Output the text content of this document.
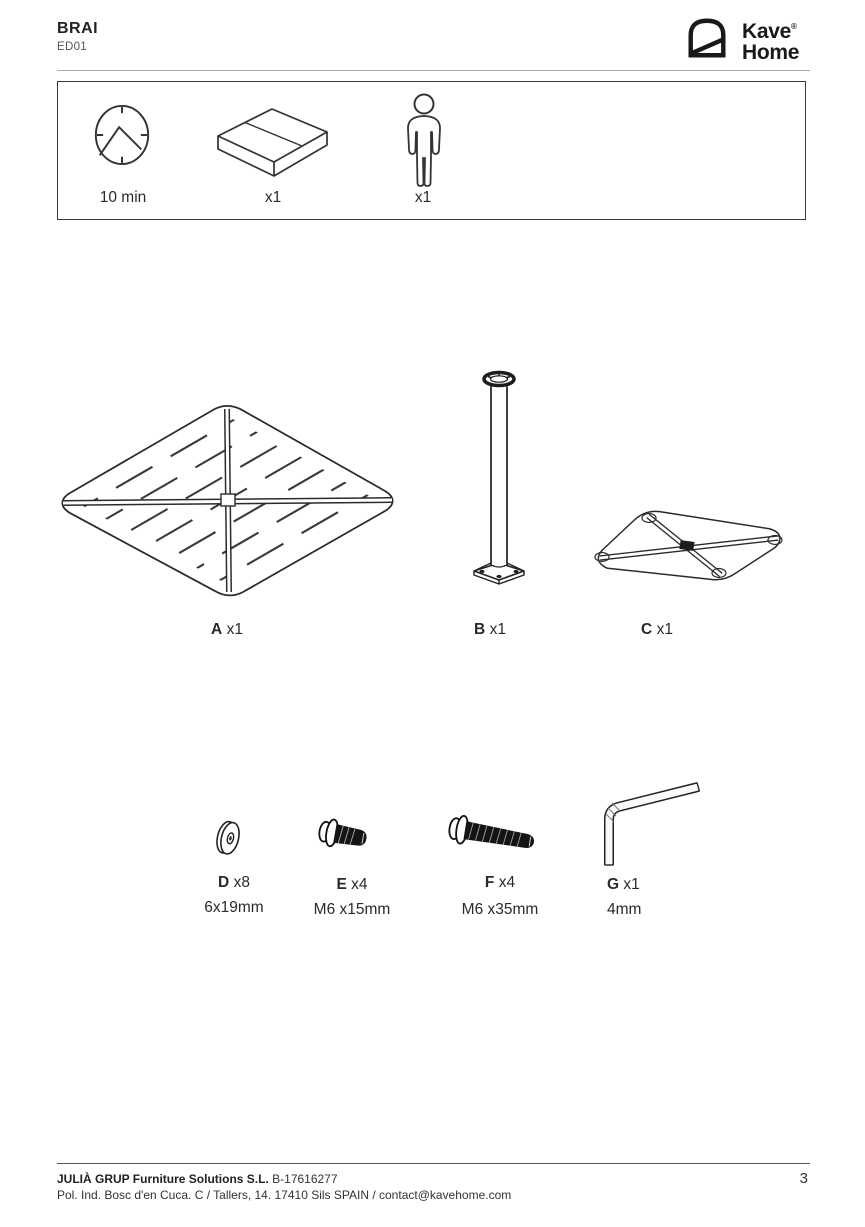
BRAI
ED01
Kave®
Home
10 min	x1	x1
A x1	B x1	C x1
D x8
6x19mm
E x4
M6 x15mm
F x4
M6 x35mm
G x1
4mm
JULIÀ GRUP Furniture Solutions S.L. B-17616277
Pol. Ind. Bosc d'en Cuca. C / Tallers, 14. 17410 Sils SPAIN / contact@kavehome.com
3
